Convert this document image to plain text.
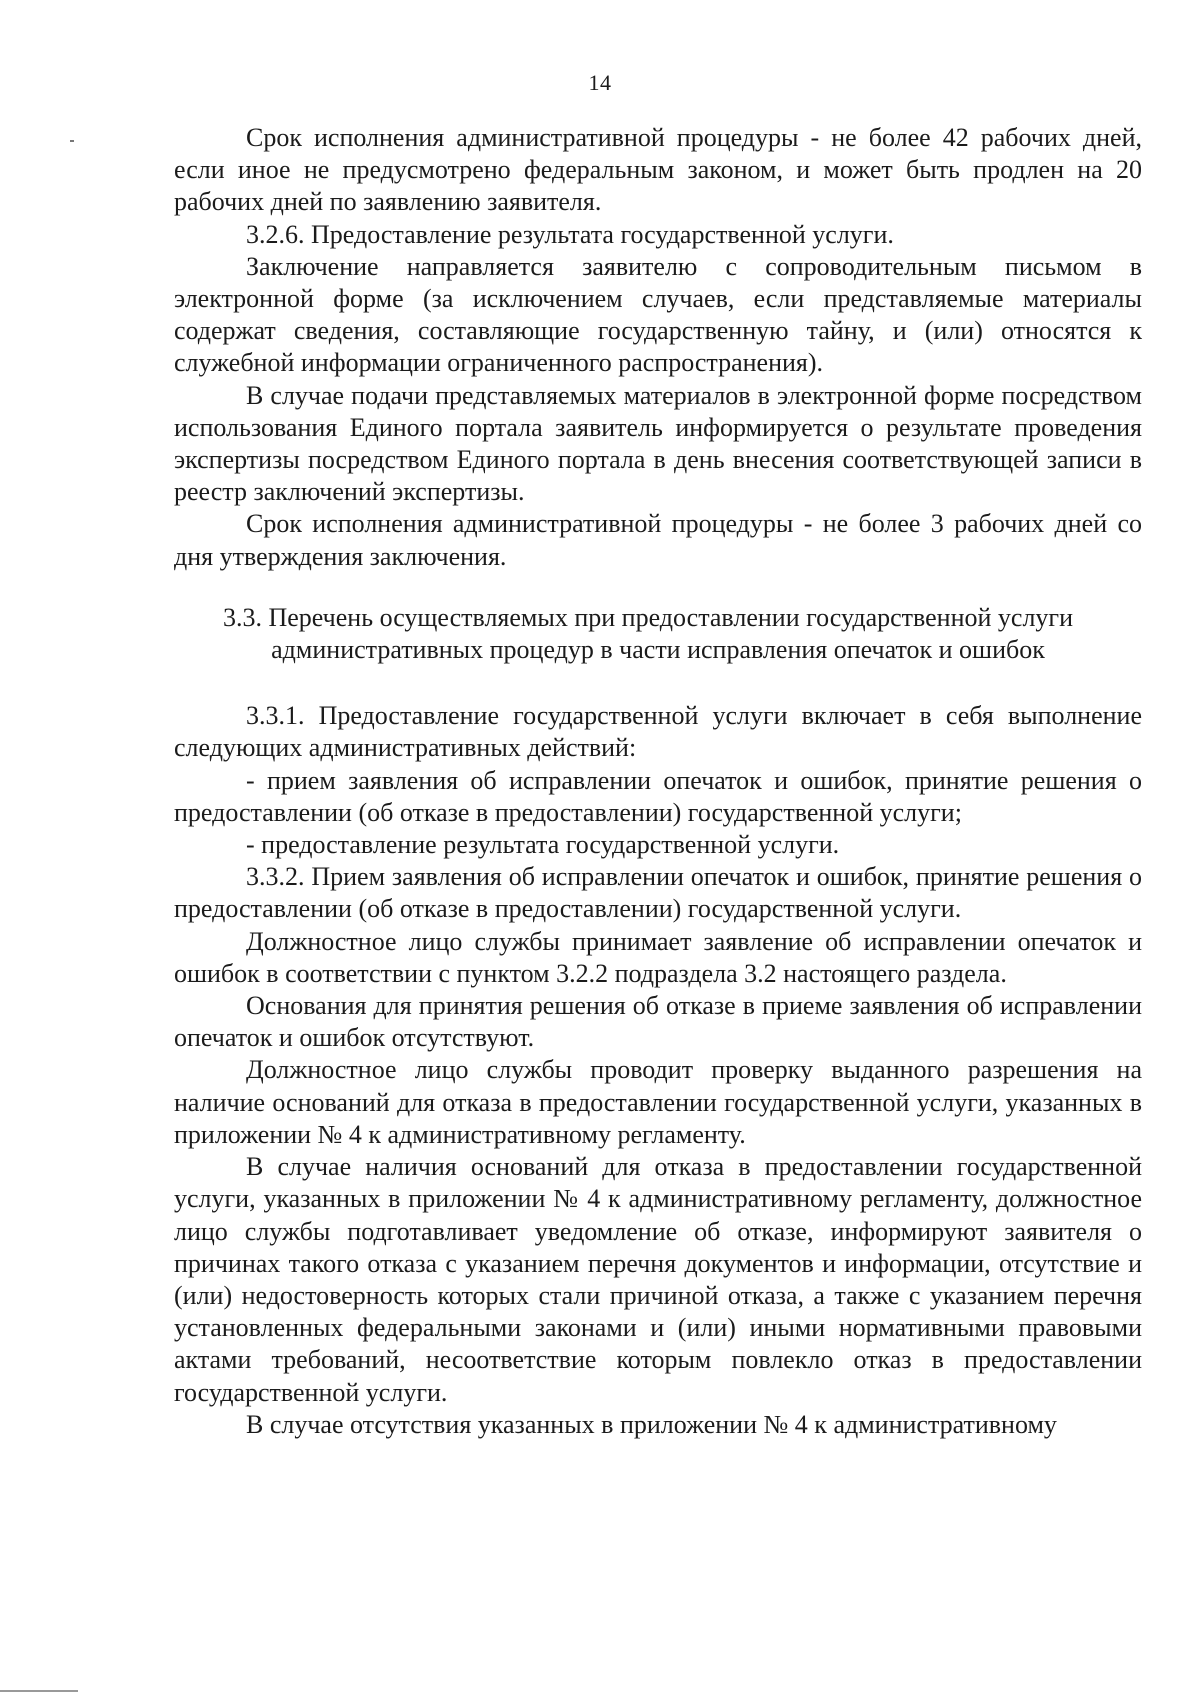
14

Срок исполнения административной процедуры - не более 42 рабочих дней, если иное не предусмотрено федеральным законом, и может быть продлен на 20 рабочих дней по заявлению заявителя.

3.2.6. Предоставление результата государственной услуги.

Заключение направляется заявителю с сопроводительным письмом в электронной форме (за исключением случаев, если представляемые материалы содержат сведения, составляющие государственную тайну, и (или) относятся к служебной информации ограниченного распространения).

В случае подачи представляемых материалов в электронной форме посредством использования Единого портала заявитель информируется о результате проведения экспертизы посредством Единого портала в день внесения соответствующей записи в реестр заключений экспертизы.

Срок исполнения административной процедуры - не более 3 рабочих дней со дня утверждения заключения.

3.3. Перечень осуществляемых при предоставлении государственной услуги
административных процедур в части исправления опечаток и ошибок

3.3.1. Предоставление государственной услуги включает в себя выполнение следующих административных действий:

- прием заявления об исправлении опечаток и ошибок, принятие решения о предоставлении (об отказе в предоставлении) государственной услуги;

- предоставление результата государственной услуги.

3.3.2. Прием заявления об исправлении опечаток и ошибок, принятие решения о предоставлении (об отказе в предоставлении) государственной услуги.

Должностное лицо службы принимает заявление об исправлении опечаток и ошибок в соответствии с пунктом 3.2.2 подраздела 3.2 настоящего раздела.

Основания для принятия решения об отказе в приеме заявления об исправлении опечаток и ошибок отсутствуют.

Должностное лицо службы проводит проверку выданного разрешения на наличие оснований для отказа в предоставлении государственной услуги, указанных в приложении № 4 к административному регламенту.

В случае наличия оснований для отказа в предоставлении государственной услуги, указанных в приложении № 4 к административному регламенту, должностное лицо службы подготавливает уведомление об отказе, информируют заявителя о причинах такого отказа с указанием перечня документов и информации, отсутствие и (или) недостоверность которых стали причиной отказа, а также с указанием перечня установленных федеральными законами и (или) иными нормативными правовыми актами требований, несоответствие которым повлекло отказ в предоставлении государственной услуги.

В случае отсутствия указанных в приложении № 4 к административному
